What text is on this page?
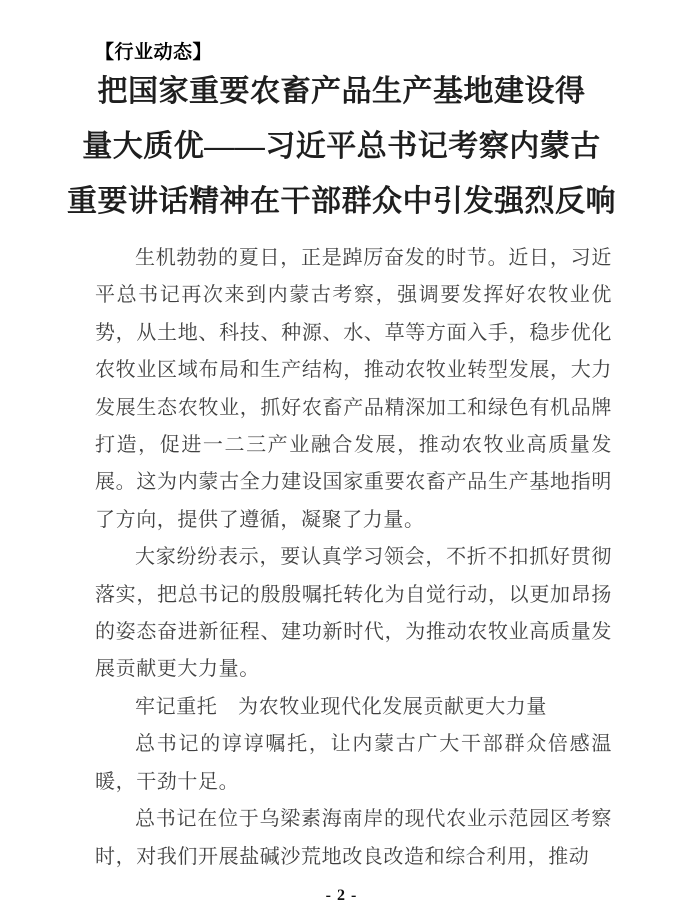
【行业动态】
把国家重要农畜产品生产基地建设得
量大质优——习近平总书记考察内蒙古
重要讲话精神在干部群众中引发强烈反响

生机勃勃的夏日，正是踔厉奋发的时节。近日，习近平总书记再次来到内蒙古考察，强调要发挥好农牧业优势，从土地、科技、种源、水、草等方面入手，稳步优化农牧业区域布局和生产结构，推动农牧业转型发展，大力发展生态农牧业，抓好农畜产品精深加工和绿色有机品牌打造，促进一二三产业融合发展，推动农牧业高质量发展。这为内蒙古全力建设国家重要农畜产品生产基地指明了方向，提供了遵循，凝聚了力量。

大家纷纷表示，要认真学习领会，不折不扣抓好贯彻落实，把总书记的殷殷嘱托转化为自觉行动，以更加昂扬的姿态奋进新征程、建功新时代，为推动农牧业高质量发展贡献更大力量。

牢记重托　为农牧业现代化发展贡献更大力量

总书记的谆谆嘱托，让内蒙古广大干部群众倍感温暖，干劲十足。

总书记在位于乌梁素海南岸的现代农业示范园区考察时，对我们开展盐碱沙荒地改良改造和综合利用，推动

- 2 -
